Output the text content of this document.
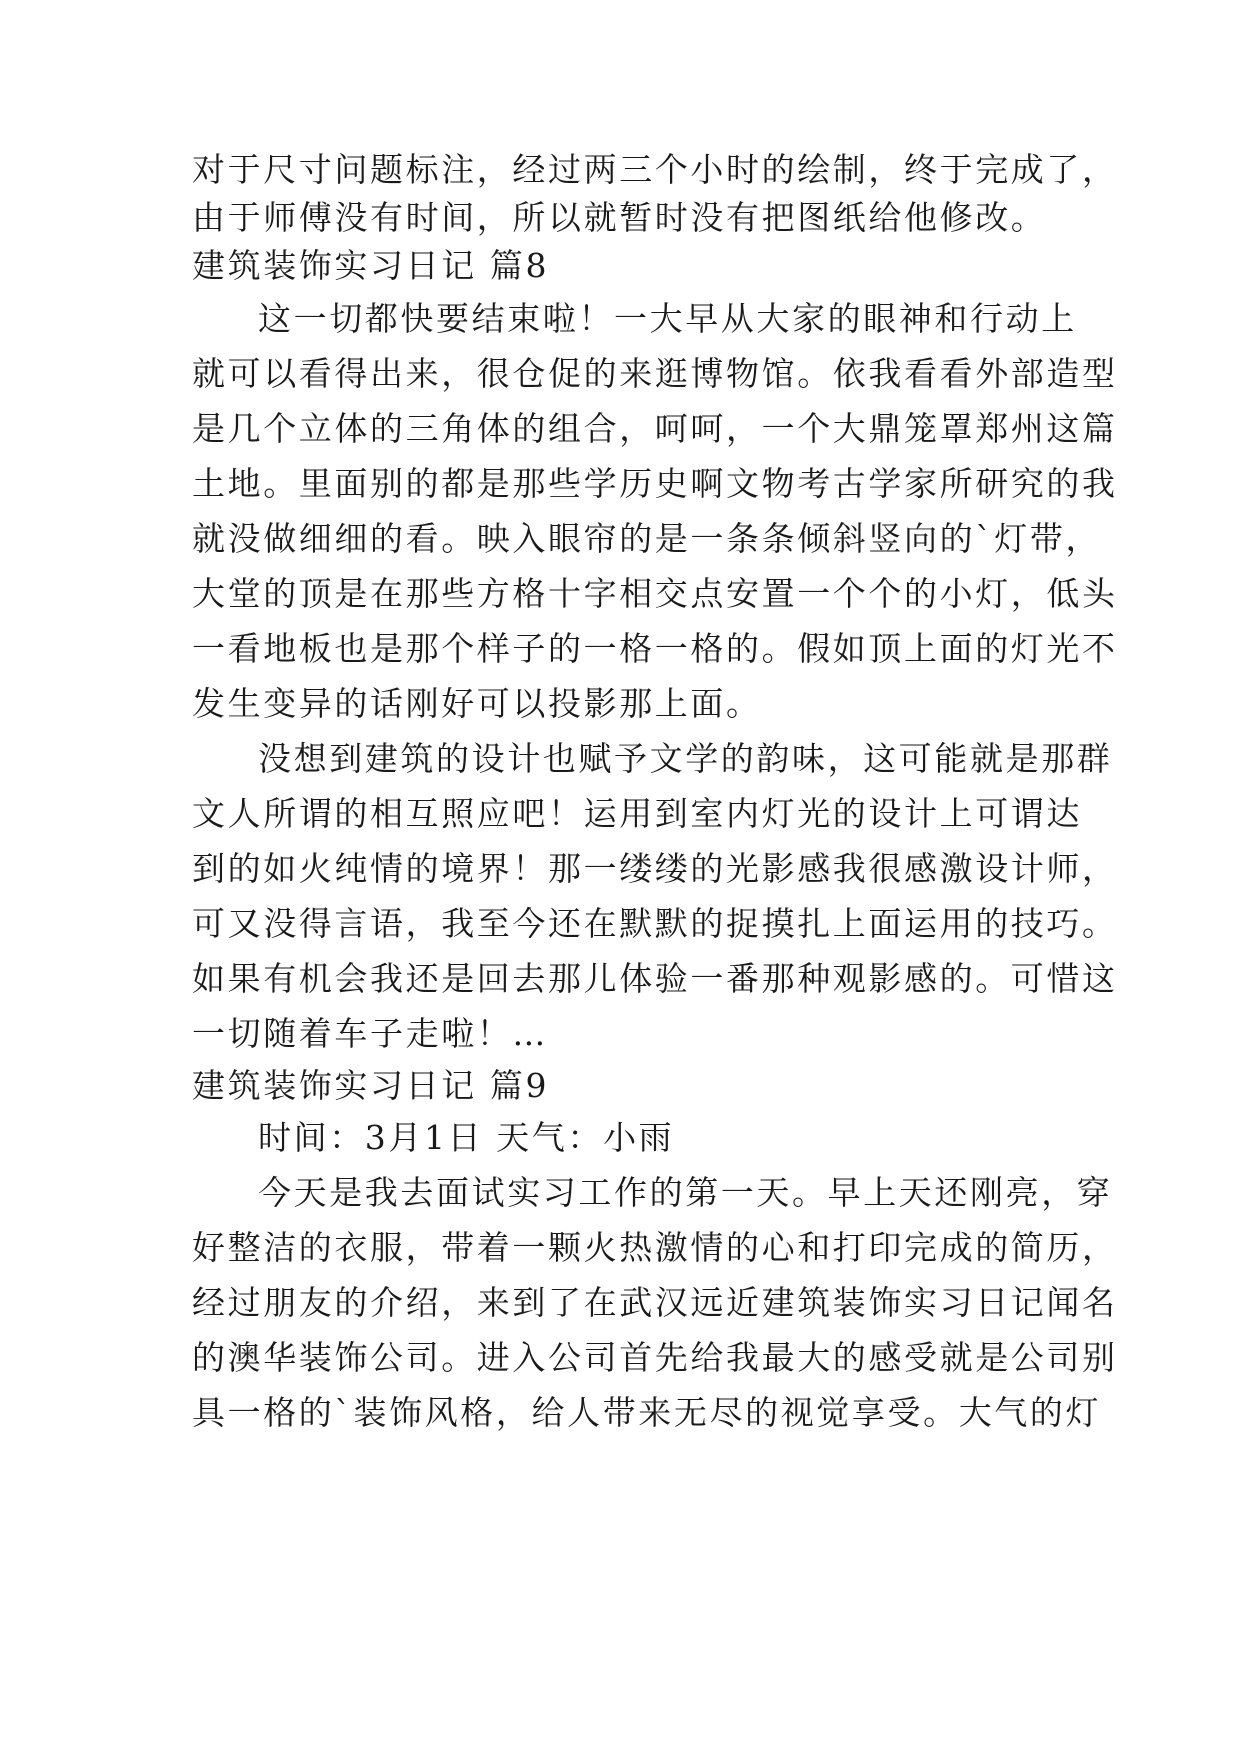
对于尺寸问题标注，经过两三个小时的绘制，终于完成了，
由于师傅没有时间，所以就暂时没有把图纸给他修改。
建筑装饰实习日记 篇8
这一切都快要结束啦！一大早从大家的眼神和行动上
就可以看得出来，很仓促的来逛博物馆。依我看看外部造型
是几个立体的三角体的组合，呵呵，一个大鼎笼罩郑州这篇
土地。里面别的都是那些学历史啊文物考古学家所研究的我
就没做细细的看。映入眼帘的是一条条倾斜竖向的`灯带，
大堂的顶是在那些方格十字相交点安置一个个的小灯，低头
一看地板也是那个样子的一格一格的。假如顶上面的灯光不
发生变异的话刚好可以投影那上面。
没想到建筑的设计也赋予文学的韵味，这可能就是那群
文人所谓的相互照应吧！运用到室内灯光的设计上可谓达
到的如火纯情的境界！那一缕缕的光影感我很感激设计师，
可又没得言语，我至今还在默默的捉摸扎上面运用的技巧。
如果有机会我还是回去那儿体验一番那种观影感的。可惜这
一切随着车子走啦！…
建筑装饰实习日记 篇9
时间：3月1日 天气：小雨
今天是我去面试实习工作的第一天。早上天还刚亮，穿
好整洁的衣服，带着一颗火热激情的心和打印完成的简历，
经过朋友的介绍，来到了在武汉远近建筑装饰实习日记闻名
的澳华装饰公司。进入公司首先给我最大的感受就是公司别
具一格的`装饰风格，给人带来无尽的视觉享受。大气的灯
